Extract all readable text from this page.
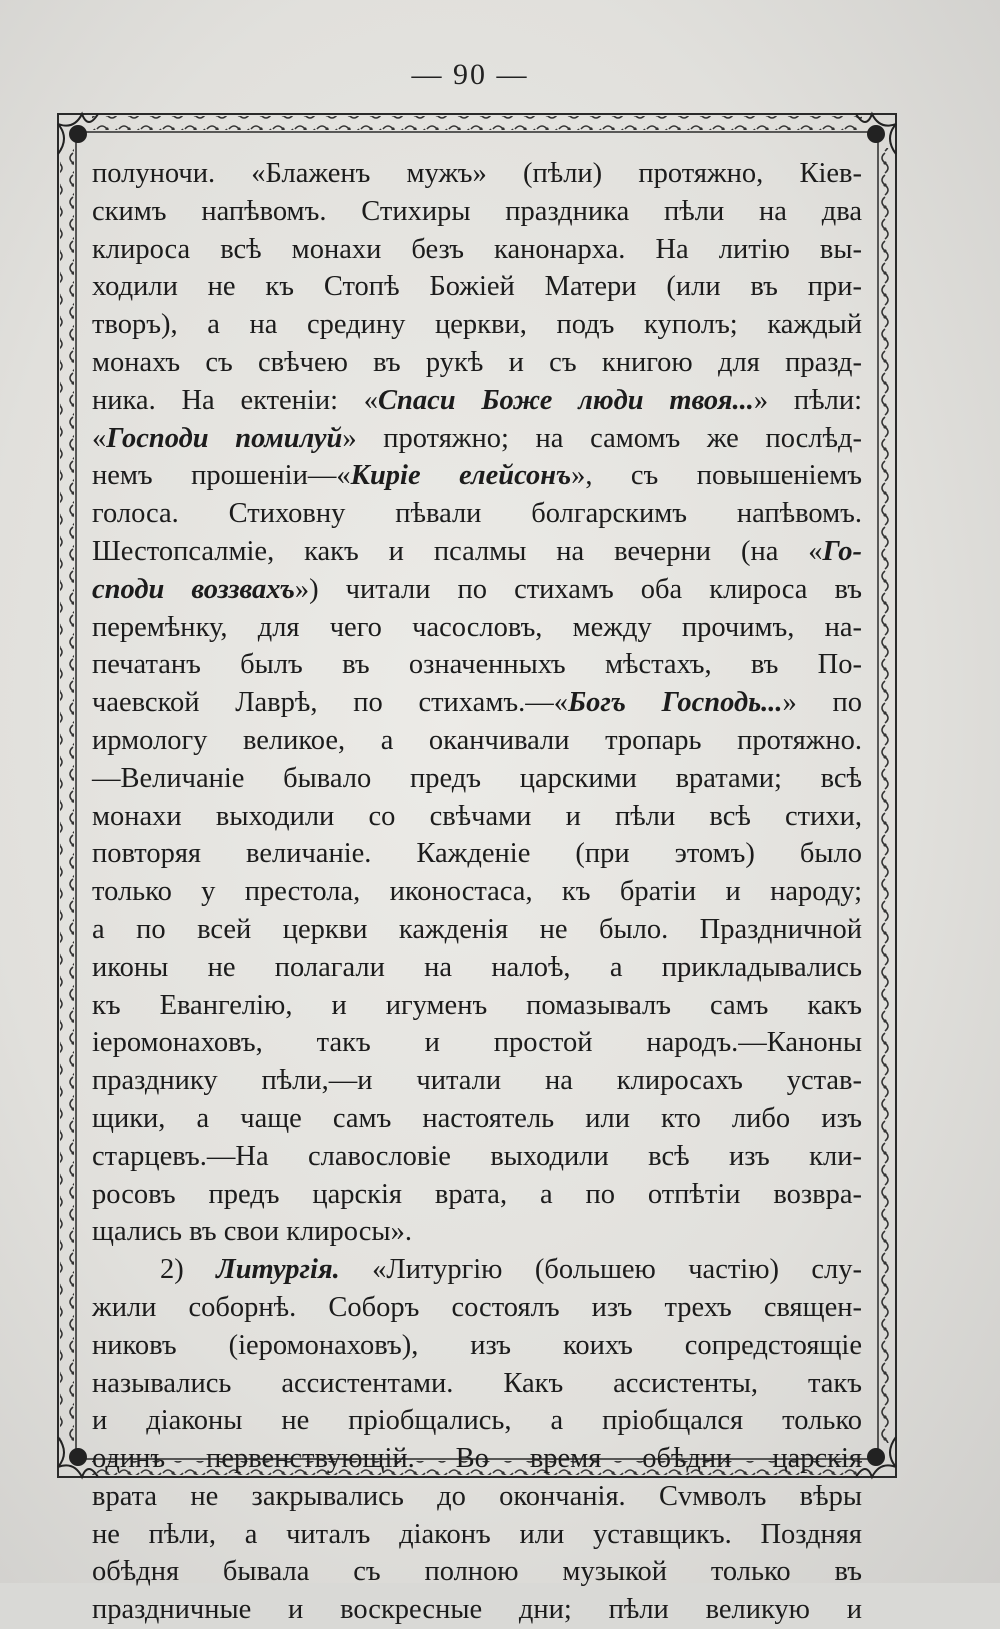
— 90 —
полуночи. «Блаженъ мужъ» (пѣли) протяжно, Кіев-
скимъ напѣвомъ. Стихиры праздника пѣли на два
клироса всѣ монахи безъ канонарха. На литію вы-
ходили не къ Стопѣ Божіей Матери (или въ при-
творъ), а на средину церкви, подъ куполъ; каждый
монахъ съ свѣчею въ рукѣ и съ книгою для празд-
ника. На ектеніи: «Спаси Боже люди твоя...» пѣли:
«Господи помилуй» протяжно; на самомъ же послѣд-
немъ прошеніи—«Киріе елейсонъ», съ повышеніемъ
голоса. Стиховну пѣвали болгарскимъ напѣвомъ.
Шестопсалміе, какъ и псалмы на вечерни (на «Го-
споди воззвахъ») читали по стихамъ оба клироса въ
перемѣнку, для чего часословъ, между прочимъ, на-
печатанъ былъ въ означенныхъ мѣстахъ, въ По-
чаевской Лаврѣ, по стихамъ.—«Богъ Господь...» по
ирмологу великое, а оканчивали тропарь протяжно.
—Величаніе бывало предъ царскими вратами; всѣ
монахи выходили со свѣчами и пѣли всѣ стихи,
повторяя величаніе. Кажденіе (при этомъ) было
только у престола, иконостаса, къ братіи и народу;
а по всей церкви кажденія не было. Праздничной
иконы не полагали на налоѣ, а прикладывались
къ Евангелію, и игуменъ помазывалъ самъ какъ
іеромонаховъ, такъ и простой народъ.—Каноны
празднику пѣли,—и читали на клиросахъ устав-
щики, а чаще самъ настоятель или кто либо изъ
старцевъ.—На славословіе выходили всѣ изъ кли-
росовъ предъ царскія врата, а по отпѣтіи возвра-
щались въ свои клиросы».
2) Литургія. «Литургію (большею частію) слу-
жили соборнѣ. Соборъ состоялъ изъ трехъ священ-
никовъ (іеромонаховъ), изъ коихъ сопредстоящіе
назывались ассистентами. Какъ ассистенты, такъ
и діаконы не пріобщались, а пріобщался только
одинъ первенствующій. Во время обѣдни царскія
врата не закрывались до окончанія. Сvмволъ вѣры
не пѣли, а читалъ діаконъ или уставщикъ. Поздняя
обѣдня бывала съ полною музыкой только въ
праздничные и воскресные дни; пѣли великую и
